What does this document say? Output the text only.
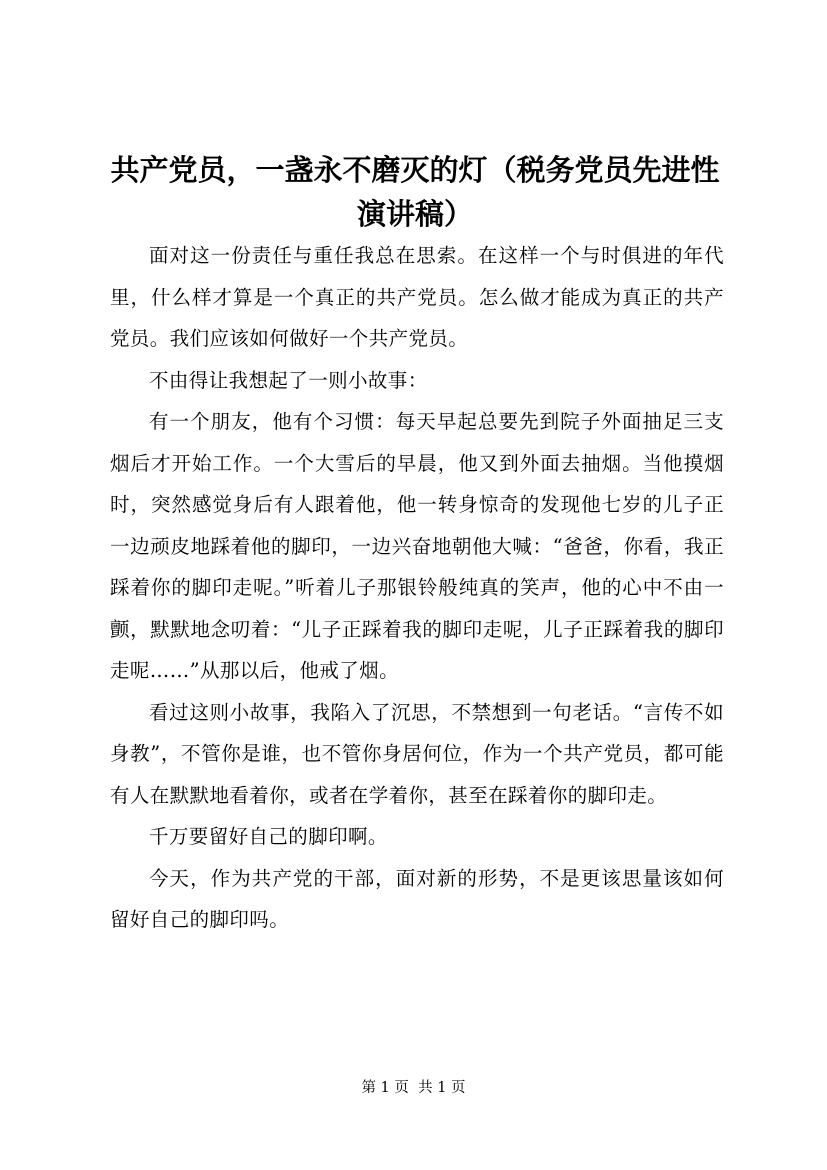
共产党员，一盏永不磨灭的灯（税务党员先进性演讲稿）

面对这一份责任与重任我总在思索。在这样一个与时俱进的年代里，什么样才算是一个真正的共产党员。怎么做才能成为真正的共产党员。我们应该如何做好一个共产党员。

不由得让我想起了一则小故事：

有一个朋友，他有个习惯：每天早起总要先到院子外面抽足三支烟后才开始工作。一个大雪后的早晨，他又到外面去抽烟。当他摸烟时，突然感觉身后有人跟着他，他一转身惊奇的发现他七岁的儿子正一边顽皮地踩着他的脚印，一边兴奋地朝他大喊：“爸爸，你看，我正踩着你的脚印走呢。”听着儿子那银铃般纯真的笑声，他的心中不由一颤，默默地念叨着：“儿子正踩着我的脚印走呢，儿子正踩着我的脚印走呢……”从那以后，他戒了烟。

看过这则小故事，我陷入了沉思，不禁想到一句老话。“言传不如身教”，不管你是谁，也不管你身居何位，作为一个共产党员，都可能有人在默默地看着你，或者在学着你，甚至在踩着你的脚印走。

千万要留好自己的脚印啊。

今天，作为共产党的干部，面对新的形势，不是更该思量该如何留好自己的脚印吗。

第 1 页  共 1 页
